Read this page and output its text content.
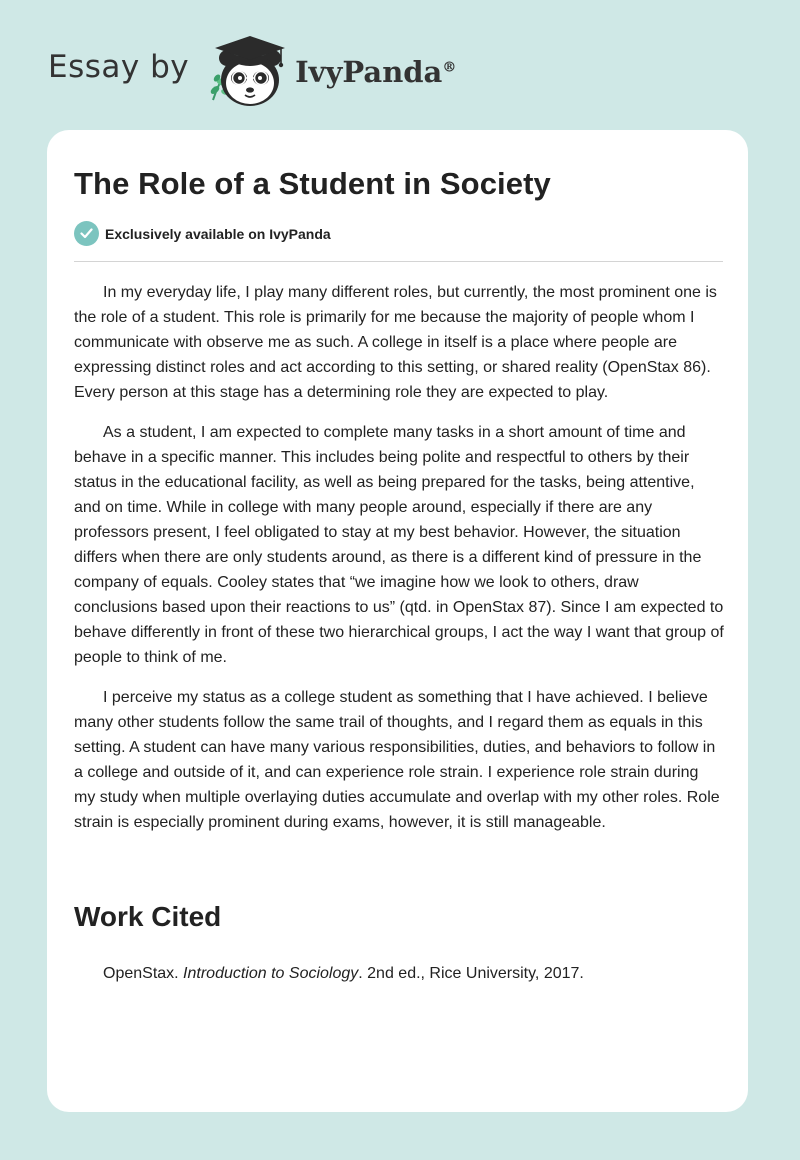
Essay by	IvyPanda®
The Role of a Student in Society
Exclusively available on IvyPanda

In my everyday life, I play many different roles, but currently, the most prominent one is the role of a student. This role is primarily for me because the majority of people whom I communicate with observe me as such. A college in itself is a place where people are expressing distinct roles and act according to this setting, or shared reality (OpenStax 86). Every person at this stage has a determining role they are expected to play.

As a student, I am expected to complete many tasks in a short amount of time and behave in a specific manner. This includes being polite and respectful to others by their status in the educational facility, as well as being prepared for the tasks, being attentive, and on time. While in college with many people around, especially if there are any professors present, I feel obligated to stay at my best behavior. However, the situation differs when there are only students around, as there is a different kind of pressure in the company of equals. Cooley states that “we imagine how we look to others, draw conclusions based upon their reactions to us” (qtd. in OpenStax 87). Since I am expected to behave differently in front of these two hierarchical groups, I act the way I want that group of people to think of me.

I perceive my status as a college student as something that I have achieved. I believe many other students follow the same trail of thoughts, and I regard them as equals in this setting. A student can have many various responsibilities, duties, and behaviors to follow in a college and outside of it, and can experience role strain. I experience role strain during my study when multiple overlaying duties accumulate and overlap with my other roles. Role strain is especially prominent during exams, however, it is still manageable.

Work Cited
OpenStax. Introduction to Sociology. 2nd ed., Rice University, 2017.
